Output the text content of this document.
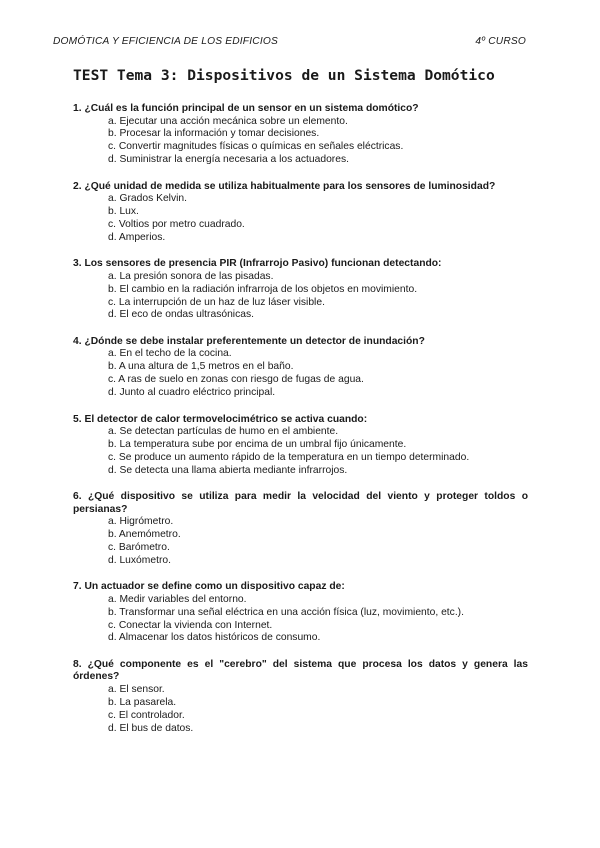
DOMÓTICA Y EFICIENCIA DE LOS EDIFICIOS	4º CURSO
TEST Tema 3: Dispositivos de un Sistema Domótico
1. ¿Cuál es la función principal de un sensor en un sistema domótico?
a. Ejecutar una acción mecánica sobre un elemento.
b. Procesar la información y tomar decisiones.
c. Convertir magnitudes físicas o químicas en señales eléctricas.
d. Suministrar la energía necesaria a los actuadores.
2. ¿Qué unidad de medida se utiliza habitualmente para los sensores de luminosidad?
a. Grados Kelvin.
b. Lux.
c. Voltios por metro cuadrado.
d. Amperios.
3. Los sensores de presencia PIR (Infrarrojo Pasivo) funcionan detectando:
a. La presión sonora de las pisadas.
b. El cambio en la radiación infrarroja de los objetos en movimiento.
c. La interrupción de un haz de luz láser visible.
d. El eco de ondas ultrasónicas.
4. ¿Dónde se debe instalar preferentemente un detector de inundación?
a. En el techo de la cocina.
b. A una altura de 1,5 metros en el baño.
c. A ras de suelo en zonas con riesgo de fugas de agua.
d. Junto al cuadro eléctrico principal.
5. El detector de calor termovelocimétrico se activa cuando:
a. Se detectan partículas de humo en el ambiente.
b. La temperatura sube por encima de un umbral fijo únicamente.
c. Se produce un aumento rápido de la temperatura en un tiempo determinado.
d. Se detecta una llama abierta mediante infrarrojos.
6. ¿Qué dispositivo se utiliza para medir la velocidad del viento y proteger toldos o persianas?
a. Higrómetro.
b. Anemómetro.
c. Barómetro.
d. Luxómetro.
7. Un actuador se define como un dispositivo capaz de:
a. Medir variables del entorno.
b. Transformar una señal eléctrica en una acción física (luz, movimiento, etc.).
c. Conectar la vivienda con Internet.
d. Almacenar los datos históricos de consumo.
8. ¿Qué componente es el "cerebro" del sistema que procesa los datos y genera las órdenes?
a. El sensor.
b. La pasarela.
c. El controlador.
d. El bus de datos.
